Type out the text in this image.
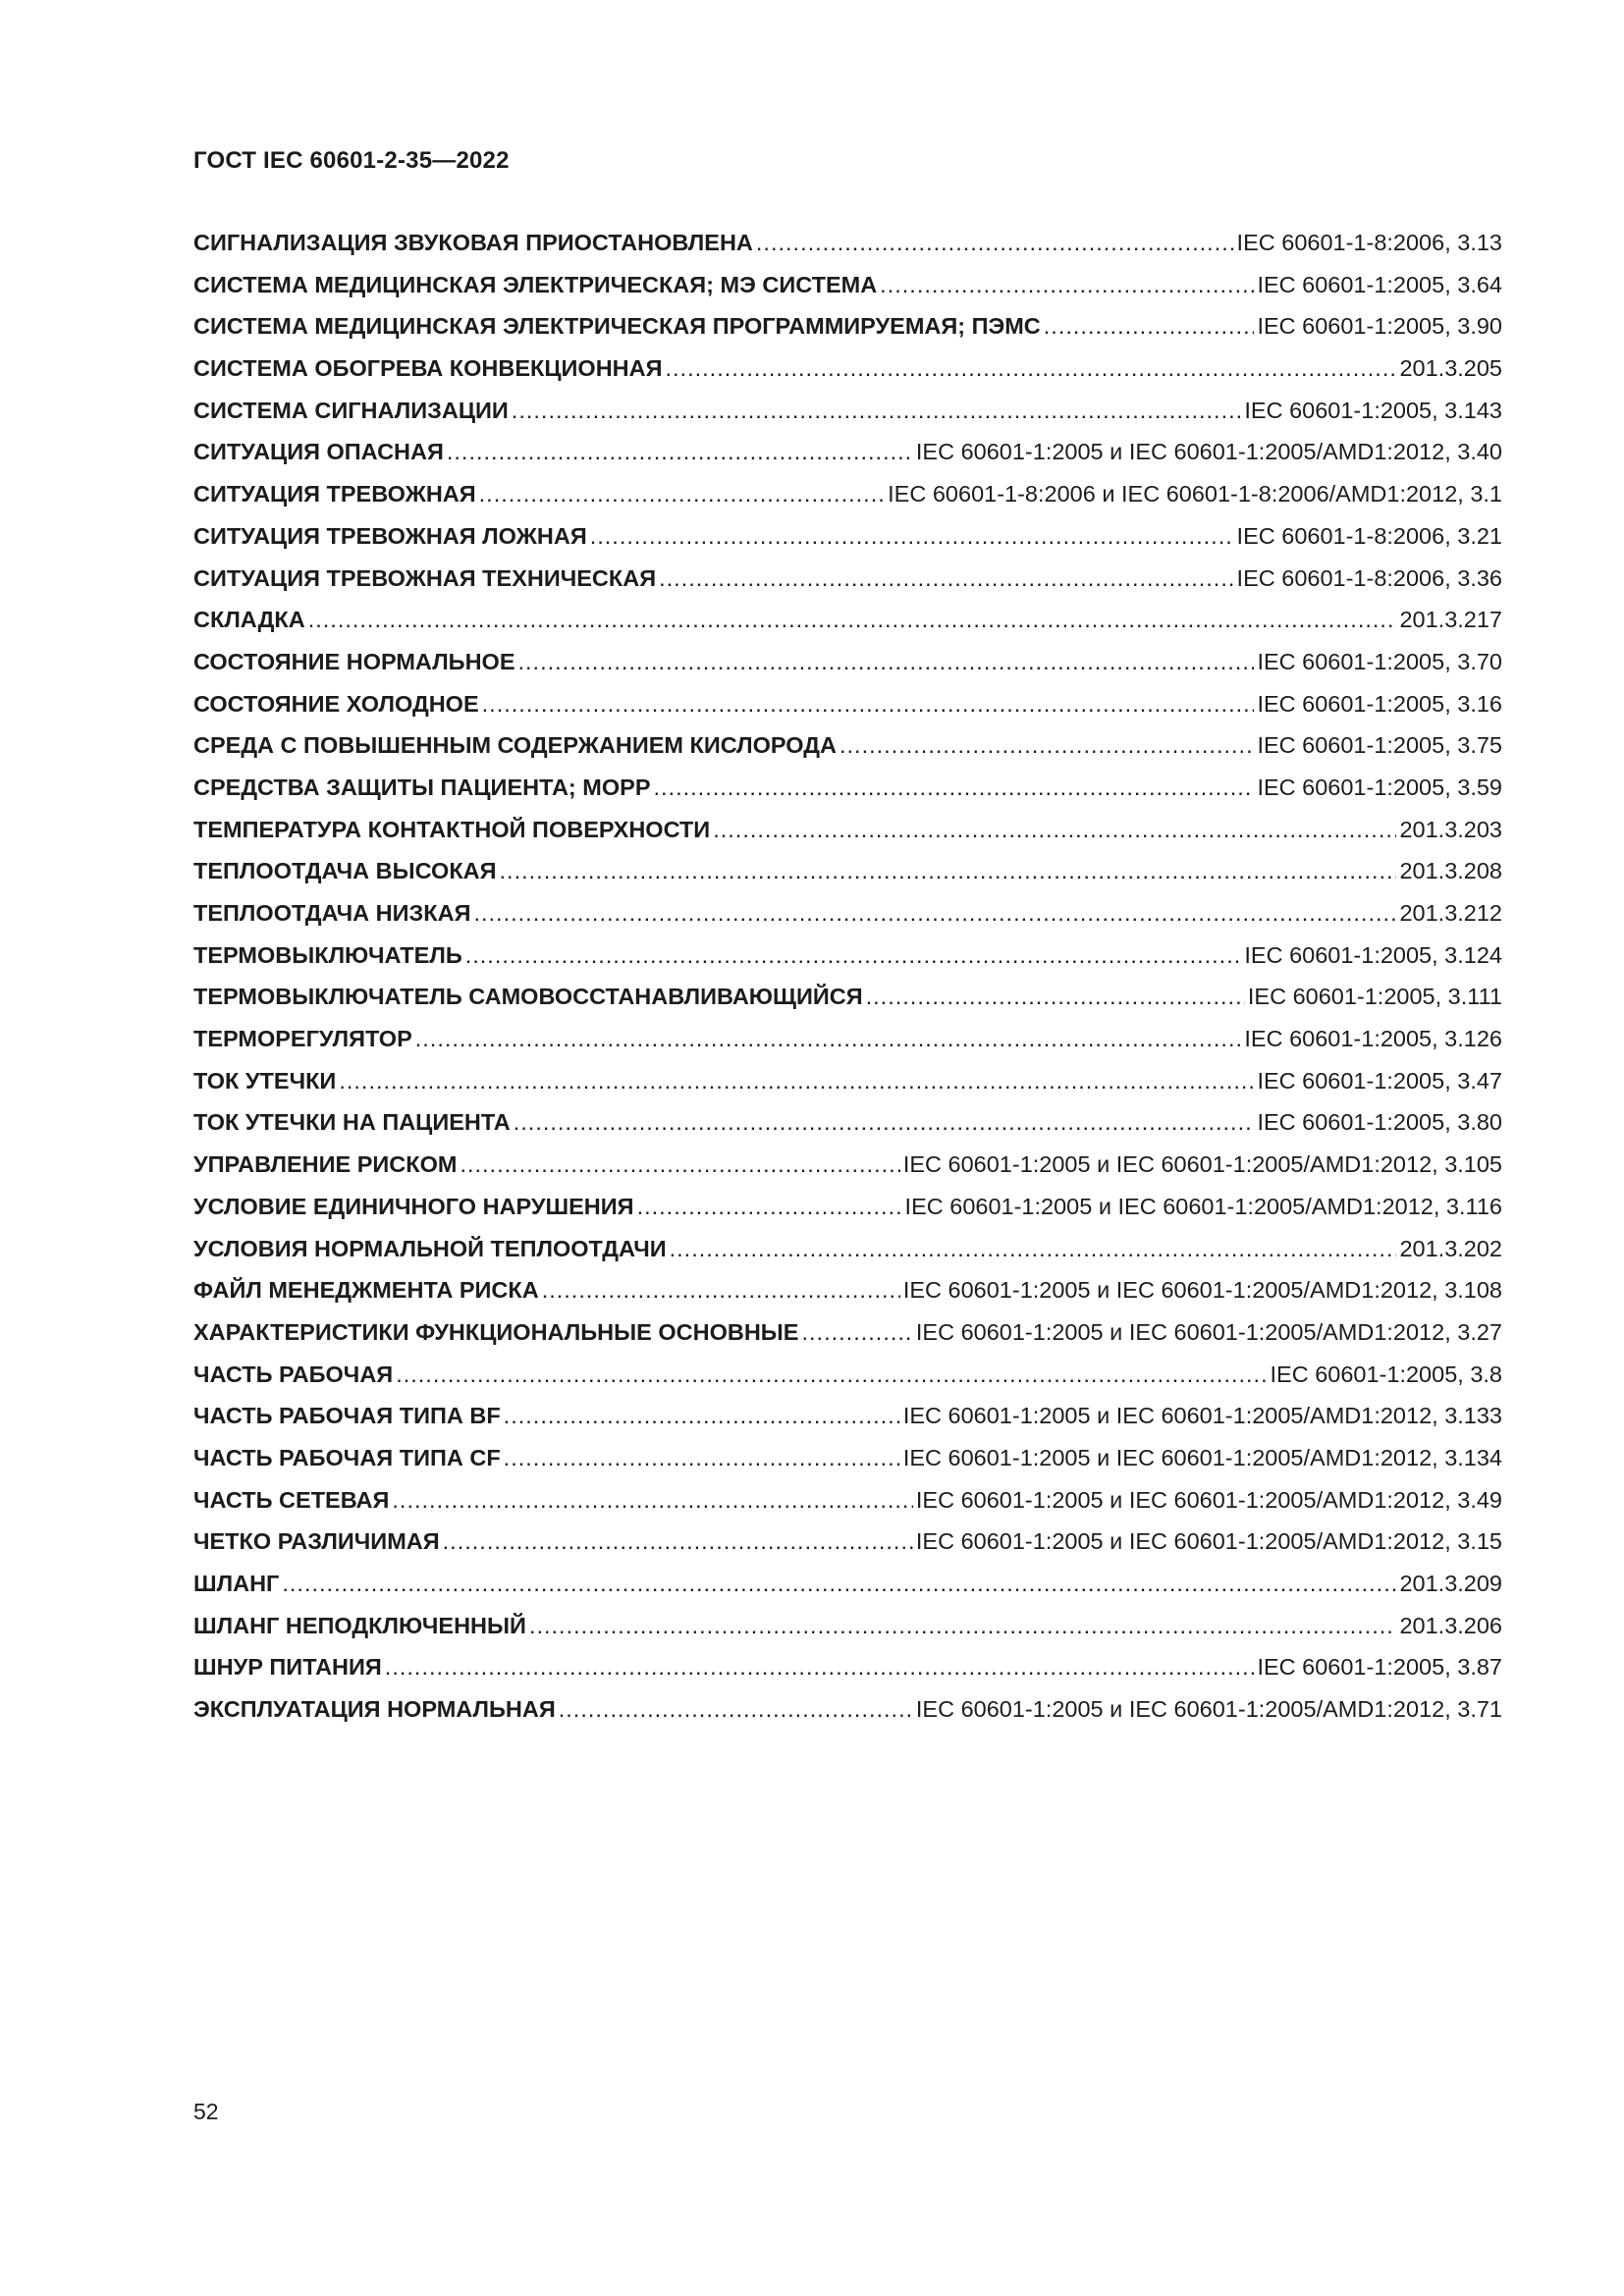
ГОСТ IEC 60601-2-35—2022
СИГНАЛИЗАЦИЯ ЗВУКОВАЯ ПРИОСТАНОВЛЕНА .....	IEC 60601-1-8:2006, 3.13
СИСТЕМА МЕДИЦИНСКАЯ ЭЛЕКТРИЧЕСКАЯ; МЭ СИСТЕМА .....	IEC 60601-1:2005, 3.64
СИСТЕМА МЕДИЦИНСКАЯ ЭЛЕКТРИЧЕСКАЯ ПРОГРАММИРУЕМАЯ; ПЭМС .....	IEC 60601-1:2005, 3.90
СИСТЕМА ОБОГРЕВА КОНВЕКЦИОННАЯ .....	201.3.205
СИСТЕМА СИГНАЛИЗАЦИИ .....	IEC 60601-1:2005, 3.143
СИТУАЦИЯ ОПАСНАЯ .....	IEC 60601-1:2005 и IEC 60601-1:2005/AMD1:2012, 3.40
СИТУАЦИЯ ТРЕВОЖНАЯ .....	IEC 60601-1-8:2006 и IEC 60601-1-8:2006/AMD1:2012, 3.1
СИТУАЦИЯ ТРЕВОЖНАЯ ЛОЖНАЯ .....	IEC 60601-1-8:2006, 3.21
СИТУАЦИЯ ТРЕВОЖНАЯ ТЕХНИЧЕСКАЯ .....	IEC 60601-1-8:2006, 3.36
СКЛАДКА .....	201.3.217
СОСТОЯНИЕ НОРМАЛЬНОЕ .....	IEC 60601-1:2005, 3.70
СОСТОЯНИЕ ХОЛОДНОЕ .....	IEC 60601-1:2005, 3.16
СРЕДА С ПОВЫШЕННЫМ СОДЕРЖАНИЕМ КИСЛОРОДА .....	IEC 60601-1:2005, 3.75
СРЕДСТВА ЗАЩИТЫ ПАЦИЕНТА; МОРР .....	IEC 60601-1:2005, 3.59
ТЕМПЕРАТУРА КОНТАКТНОЙ ПОВЕРХНОСТИ .....	201.3.203
ТЕПЛООТДАЧА ВЫСОКАЯ .....	201.3.208
ТЕПЛООТДАЧА НИЗКАЯ .....	201.3.212
ТЕРМОВЫКЛЮЧАТЕЛЬ .....	IEC 60601-1:2005, 3.124
ТЕРМОВЫКЛЮЧАТЕЛЬ САМОВОССТАНАВЛИВАЮЩИЙСЯ .....	IEC 60601-1:2005, 3.111
ТЕРМОРЕГУЛЯТОР .....	IEC 60601-1:2005, 3.126
ТОК УТЕЧКИ .....	IEC 60601-1:2005, 3.47
ТОК УТЕЧКИ НА ПАЦИЕНТА .....	IEC 60601-1:2005, 3.80
УПРАВЛЕНИЕ РИСКОМ .....	IEC 60601-1:2005 и IEC 60601-1:2005/AMD1:2012, 3.105
УСЛОВИЕ ЕДИНИЧНОГО НАРУШЕНИЯ .....	IEC 60601-1:2005 и IEC 60601-1:2005/AMD1:2012, 3.116
УСЛОВИЯ НОРМАЛЬНОЙ ТЕПЛООТДАЧИ .....	201.3.202
ФАЙЛ МЕНЕДЖМЕНТА РИСКА .....	IEC 60601-1:2005 и IEC 60601-1:2005/AMD1:2012, 3.108
ХАРАКТЕРИСТИКИ ФУНКЦИОНАЛЬНЫЕ ОСНОВНЫЕ .....	IEC 60601-1:2005 и IEC 60601-1:2005/AMD1:2012, 3.27
ЧАСТЬ РАБОЧАЯ .....	IEC 60601-1:2005, 3.8
ЧАСТЬ РАБОЧАЯ ТИПА BF .....	IEC 60601-1:2005 и IEC 60601-1:2005/AMD1:2012, 3.133
ЧАСТЬ РАБОЧАЯ ТИПА CF .....	IEC 60601-1:2005 и IEC 60601-1:2005/AMD1:2012, 3.134
ЧАСТЬ СЕТЕВАЯ .....	IEC 60601-1:2005 и IEC 60601-1:2005/AMD1:2012, 3.49
ЧЕТКО РАЗЛИЧИМАЯ .....	IEC 60601-1:2005 и IEC 60601-1:2005/AMD1:2012, 3.15
ШЛАНГ .....	201.3.209
ШЛАНГ НЕПОДКЛЮЧЕННЫЙ .....	201.3.206
ШНУР ПИТАНИЯ .....	IEC 60601-1:2005, 3.87
ЭКСПЛУАТАЦИЯ НОРМАЛЬНАЯ .....	IEC 60601-1:2005 и IEC 60601-1:2005/AMD1:2012, 3.71
52
